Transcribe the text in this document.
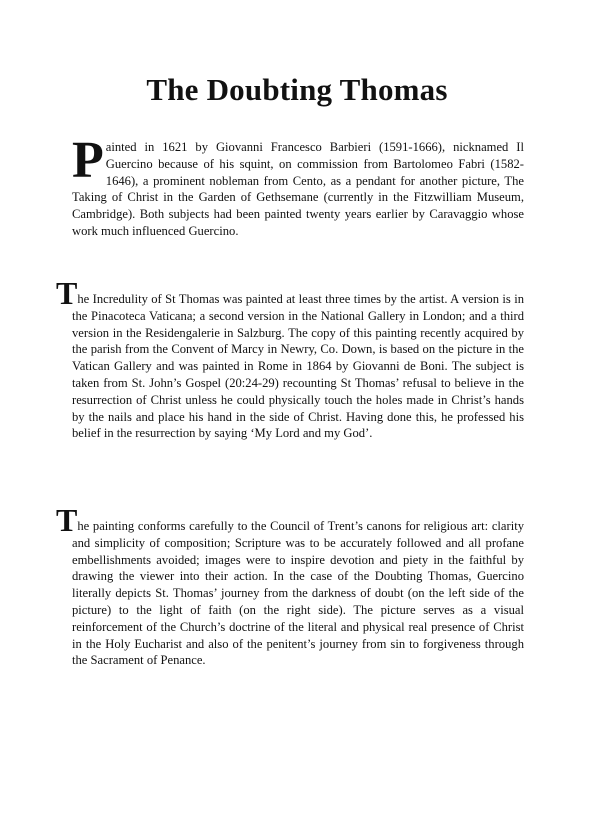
The Doubting Thomas

Painted in 1621 by Giovanni Francesco Barbieri (1591-1666), nicknamed Il Guercino because of his squint, on commission from Bartolomeo Fabri (1582-1646), a prominent nobleman from Cento, as a pendant for another picture, The Taking of Christ in the Garden of Gethsemane (currently in the Fitzwilliam Museum, Cambridge). Both subjects had been painted twenty years earlier by Caravaggio whose work much influenced Guercino.

The Incredulity of St Thomas was painted at least three times by the artist. A version is in the Pinacoteca Vaticana; a second version in the National Gallery in London; and a third version in the Residengalerie in Salzburg. The copy of this painting recently acquired by the parish from the Convent of Marcy in Newry, Co. Down, is based on the picture in the Vatican Gallery and was painted in Rome in 1864 by Giovanni de Boni. The subject is taken from St. John’s Gospel (20:24-29) recounting St Thomas’ refusal to believe in the resurrection of Christ unless he could physically touch the holes made in Christ’s hands by the nails and place his hand in the side of Christ. Having done this, he professed his belief in the resurrection by saying ‘My Lord and my God’.

The painting conforms carefully to the Council of Trent’s canons for religious art: clarity and simplicity of composition; Scripture was to be accurately followed and all profane embellishments avoided; images were to inspire devotion and piety in the faithful by drawing the viewer into their action. In the case of the Doubting Thomas, Guercino literally depicts St. Thomas’ journey from the darkness of doubt (on the left side of the picture) to the light of faith (on the right side). The picture serves as a visual reinforcement of the Church’s doctrine of the literal and physical real presence of Christ in the Holy Eucharist and also of the penitent’s journey from sin to forgiveness through the Sacrament of Penance.
